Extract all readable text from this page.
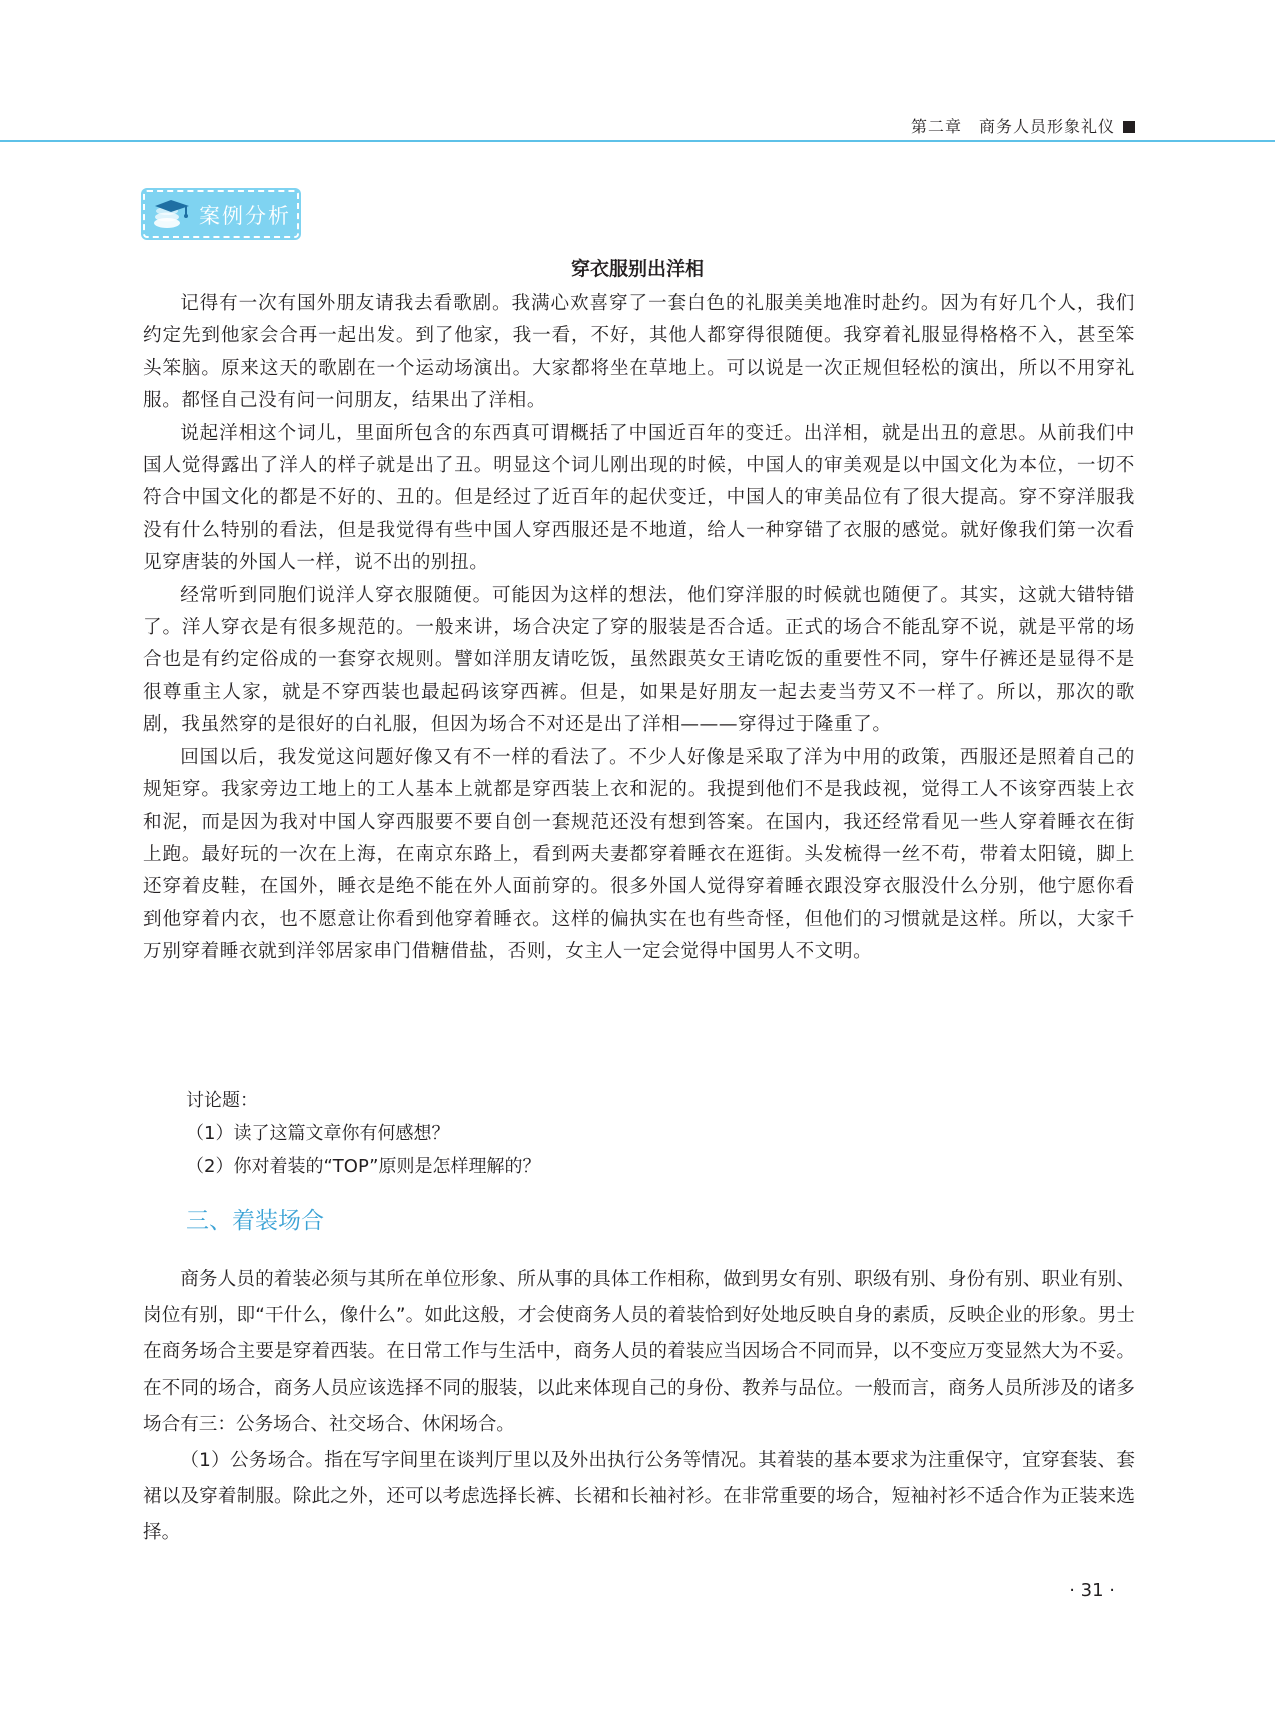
第二章　商务人员形象礼仪
案例分析
穿衣服别出洋相

记得有一次有国外朋友请我去看歌剧。我满心欢喜穿了一套白色的礼服美美地准时赴约。因为有好几个人，我们约定先到他家会合再一起出发。到了他家，我一看，不好，其他人都穿得很随便。我穿着礼服显得格格不入，甚至笨头笨脑。原来这天的歌剧在一个运动场演出。大家都将坐在草地上。可以说是一次正规但轻松的演出，所以不用穿礼服。都怪自己没有问一问朋友，结果出了洋相。

说起洋相这个词儿，里面所包含的东西真可谓概括了中国近百年的变迁。出洋相，就是出丑的意思。从前我们中国人觉得露出了洋人的样子就是出了丑。明显这个词儿刚出现的时候，中国人的审美观是以中国文化为本位，一切不符合中国文化的都是不好的、丑的。但是经过了近百年的起伏变迁，中国人的审美品位有了很大提高。穿不穿洋服我没有什么特别的看法，但是我觉得有些中国人穿西服还是不地道，给人一种穿错了衣服的感觉。就好像我们第一次看见穿唐装的外国人一样，说不出的别扭。

经常听到同胞们说洋人穿衣服随便。可能因为这样的想法，他们穿洋服的时候就也随便了。其实，这就大错特错了。洋人穿衣是有很多规范的。一般来讲，场合决定了穿的服装是否合适。正式的场合不能乱穿不说，就是平常的场合也是有约定俗成的一套穿衣规则。譬如洋朋友请吃饭，虽然跟英女王请吃饭的重要性不同，穿牛仔裤还是显得不是很尊重主人家，就是不穿西装也最起码该穿西裤。但是，如果是好朋友一起去麦当劳又不一样了。所以，那次的歌剧，我虽然穿的是很好的白礼服，但因为场合不对还是出了洋相———穿得过于隆重了。

回国以后，我发觉这问题好像又有不一样的看法了。不少人好像是采取了洋为中用的政策，西服还是照着自己的规矩穿。我家旁边工地上的工人基本上就都是穿西装上衣和泥的。我提到他们不是我歧视，觉得工人不该穿西装上衣和泥，而是因为我对中国人穿西服要不要自创一套规范还没有想到答案。在国内，我还经常看见一些人穿着睡衣在街上跑。最好玩的一次在上海，在南京东路上，看到两夫妻都穿着睡衣在逛街。头发梳得一丝不苟，带着太阳镜，脚上还穿着皮鞋，在国外，睡衣是绝不能在外人面前穿的。很多外国人觉得穿着睡衣跟没穿衣服没什么分别，他宁愿你看到他穿着内衣，也不愿意让你看到他穿着睡衣。这样的偏执实在也有些奇怪，但他们的习惯就是这样。所以，大家千万别穿着睡衣就到洋邻居家串门借糖借盐，否则，女主人一定会觉得中国男人不文明。

讨论题：
（1）读了这篇文章你有何感想？
（2）你对着装的“TOP”原则是怎样理解的？
三、着装场合

商务人员的着装必须与其所在单位形象、所从事的具体工作相称，做到男女有别、职级有别、身份有别、职业有别、岗位有别，即“干什么，像什么”。如此这般，才会使商务人员的着装恰到好处地反映自身的素质，反映企业的形象。男士在商务场合主要是穿着西装。在日常工作与生活中，商务人员的着装应当因场合不同而异，以不变应万变显然大为不妥。在不同的场合，商务人员应该选择不同的服装，以此来体现自己的身份、教养与品位。一般而言，商务人员所涉及的诸多场合有三：公务场合、社交场合、休闲场合。

（1）公务场合。指在写字间里在谈判厅里以及外出执行公务等情况。其着装的基本要求为注重保守，宜穿套装、套裙以及穿着制服。除此之外，还可以考虑选择长裤、长裙和长袖衬衫。在非常重要的场合，短袖衬衫不适合作为正装来选择。

· 31 ·
